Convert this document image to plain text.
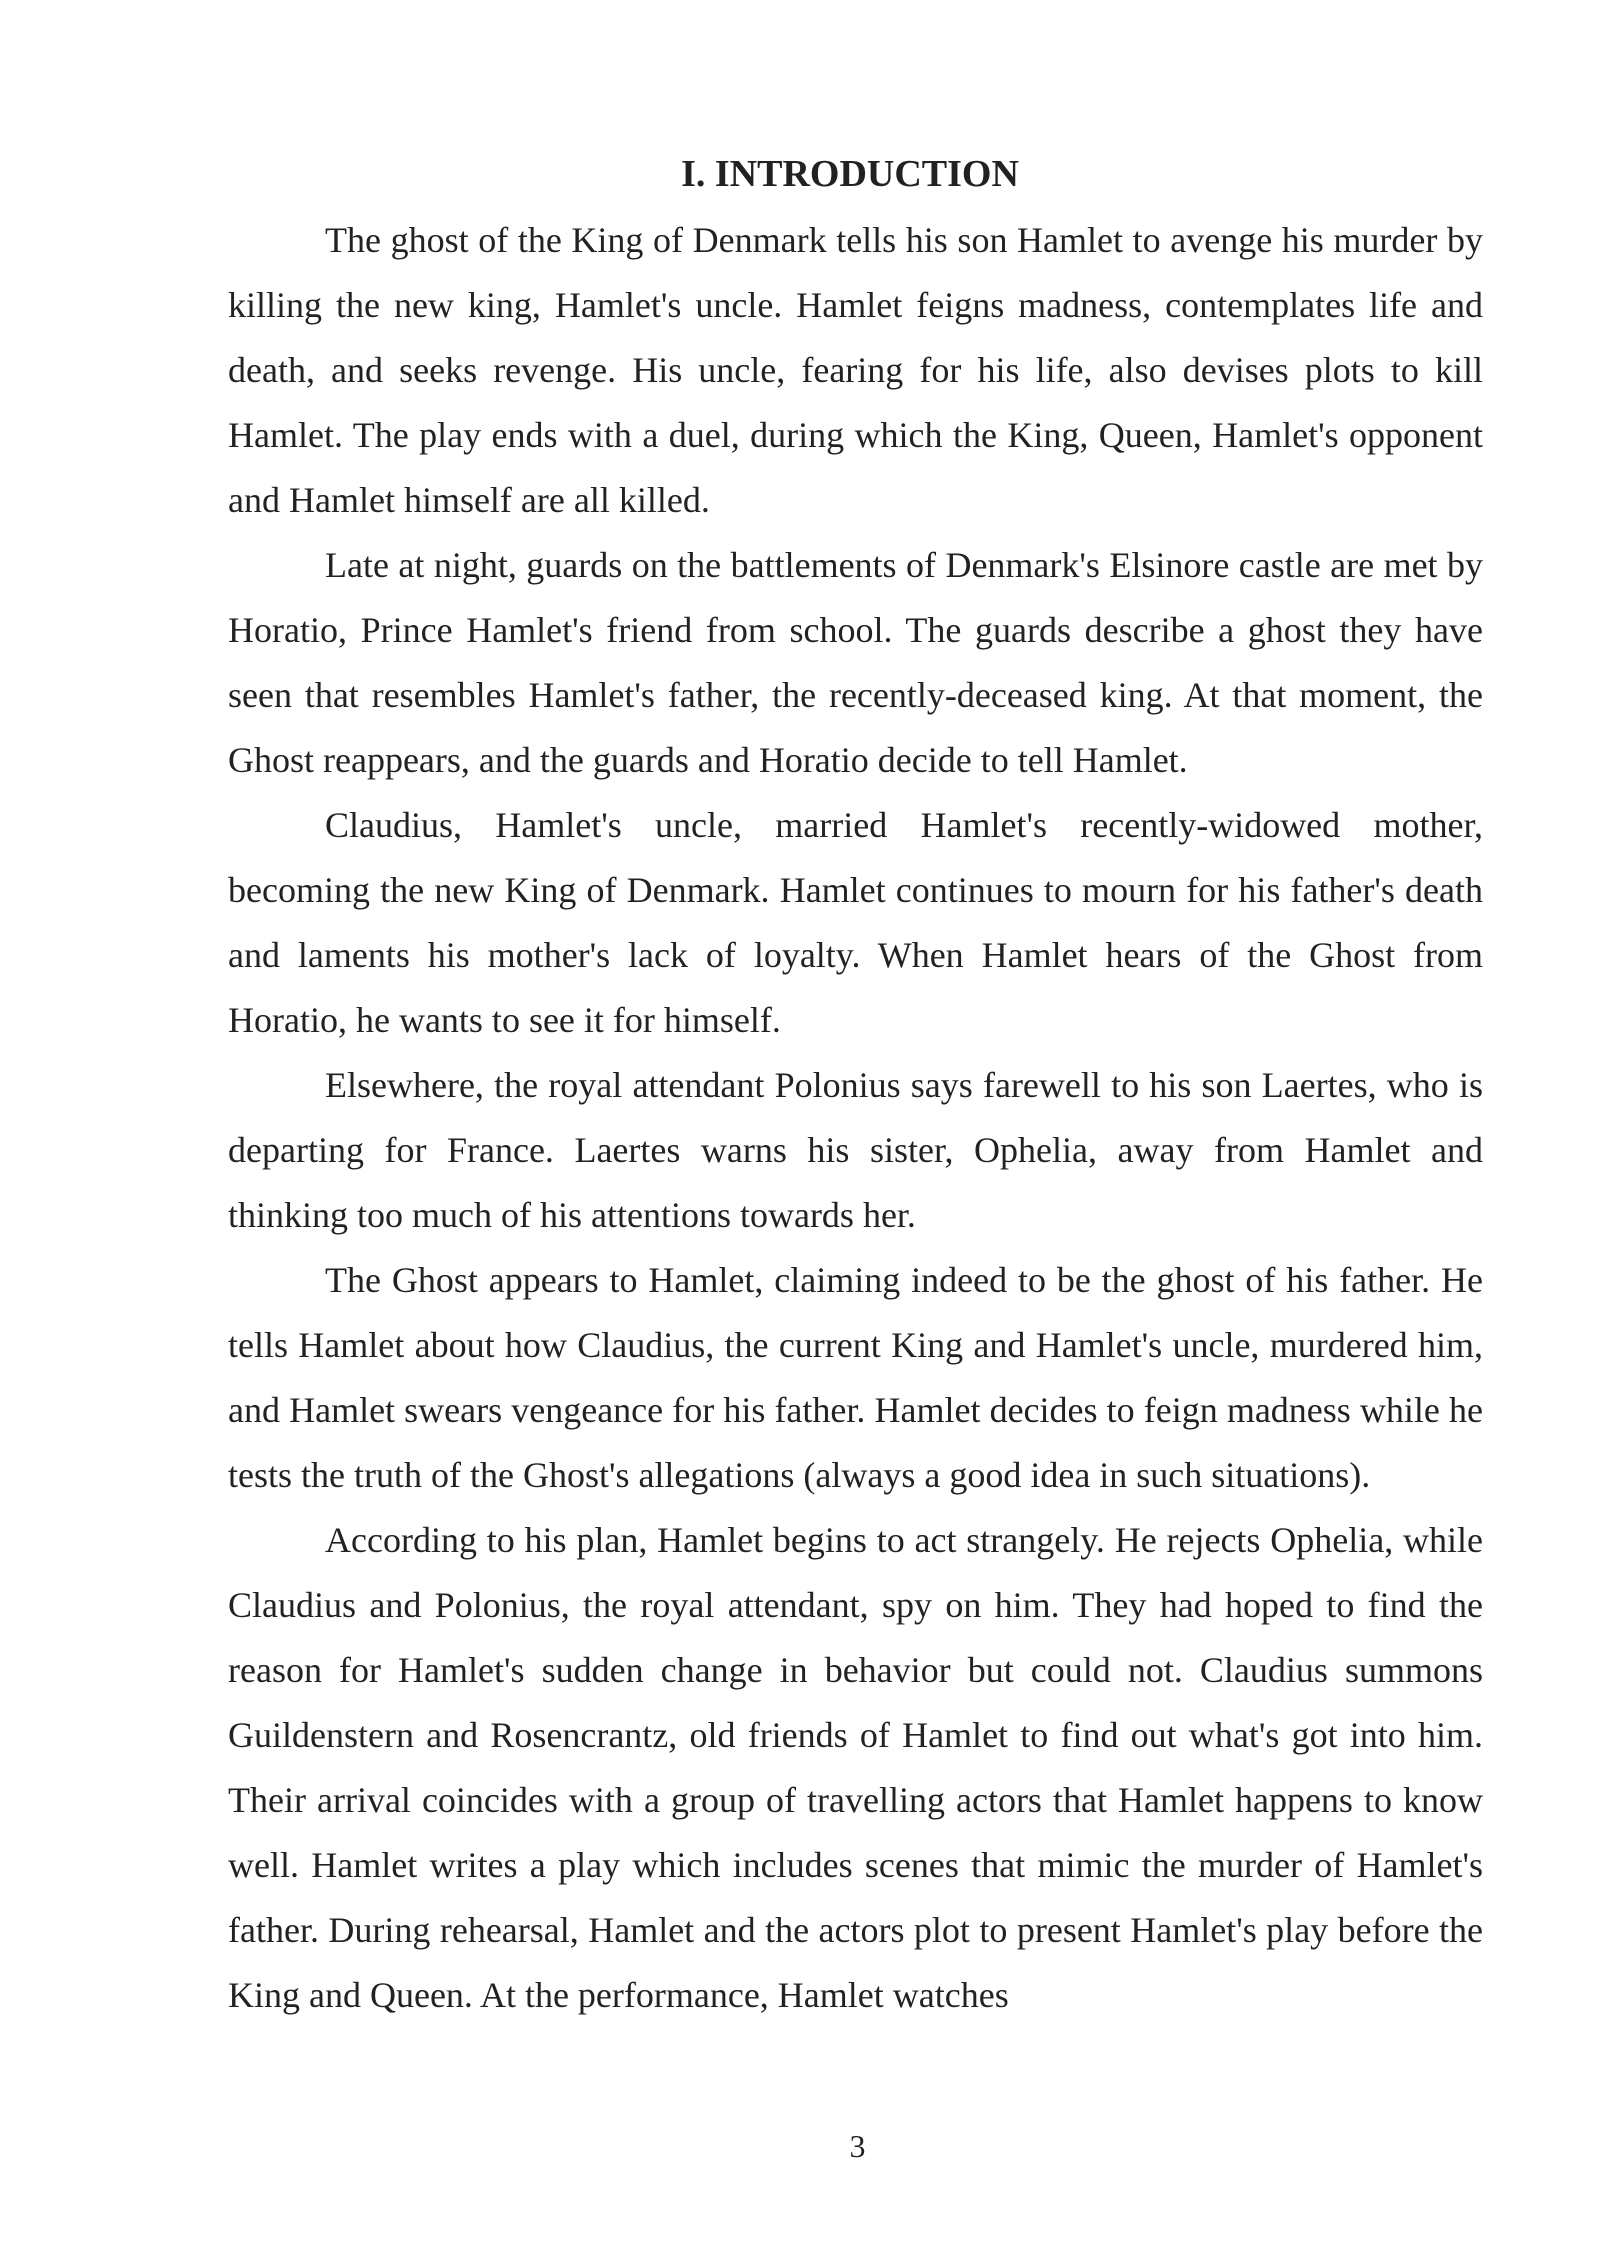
I. INTRODUCTION

The ghost of the King of Denmark tells his son Hamlet to avenge his murder by killing the new king, Hamlet's uncle. Hamlet feigns madness, contemplates life and death, and seeks revenge. His uncle, fearing for his life, also devises plots to kill Hamlet. The play ends with a duel, during which the King, Queen, Hamlet's opponent and Hamlet himself are all killed.

Late at night, guards on the battlements of Denmark's Elsinore castle are met by Horatio, Prince Hamlet's friend from school. The guards describe a ghost they have seen that resembles Hamlet's father, the recently-deceased king. At that moment, the Ghost reappears, and the guards and Horatio decide to tell Hamlet.

Claudius, Hamlet's uncle, married Hamlet's recently-widowed mother, becoming the new King of Denmark. Hamlet continues to mourn for his father's death and laments his mother's lack of loyalty. When Hamlet hears of the Ghost from Horatio, he wants to see it for himself.

Elsewhere, the royal attendant Polonius says farewell to his son Laertes, who is departing for France. Laertes warns his sister, Ophelia, away from Hamlet and thinking too much of his attentions towards her.

The Ghost appears to Hamlet, claiming indeed to be the ghost of his father. He tells Hamlet about how Claudius, the current King and Hamlet's uncle, murdered him, and Hamlet swears vengeance for his father. Hamlet decides to feign madness while he tests the truth of the Ghost's allegations (always a good idea in such situations).

According to his plan, Hamlet begins to act strangely. He rejects Ophelia, while Claudius and Polonius, the royal attendant, spy on him. They had hoped to find the reason for Hamlet's sudden change in behavior but could not. Claudius summons Guildenstern and Rosencrantz, old friends of Hamlet to find out what's got into him. Their arrival coincides with a group of travelling actors that Hamlet happens to know well. Hamlet writes a play which includes scenes that mimic the murder of Hamlet's father. During rehearsal, Hamlet and the actors plot to present Hamlet's play before the King and Queen. At the performance, Hamlet watches

3
